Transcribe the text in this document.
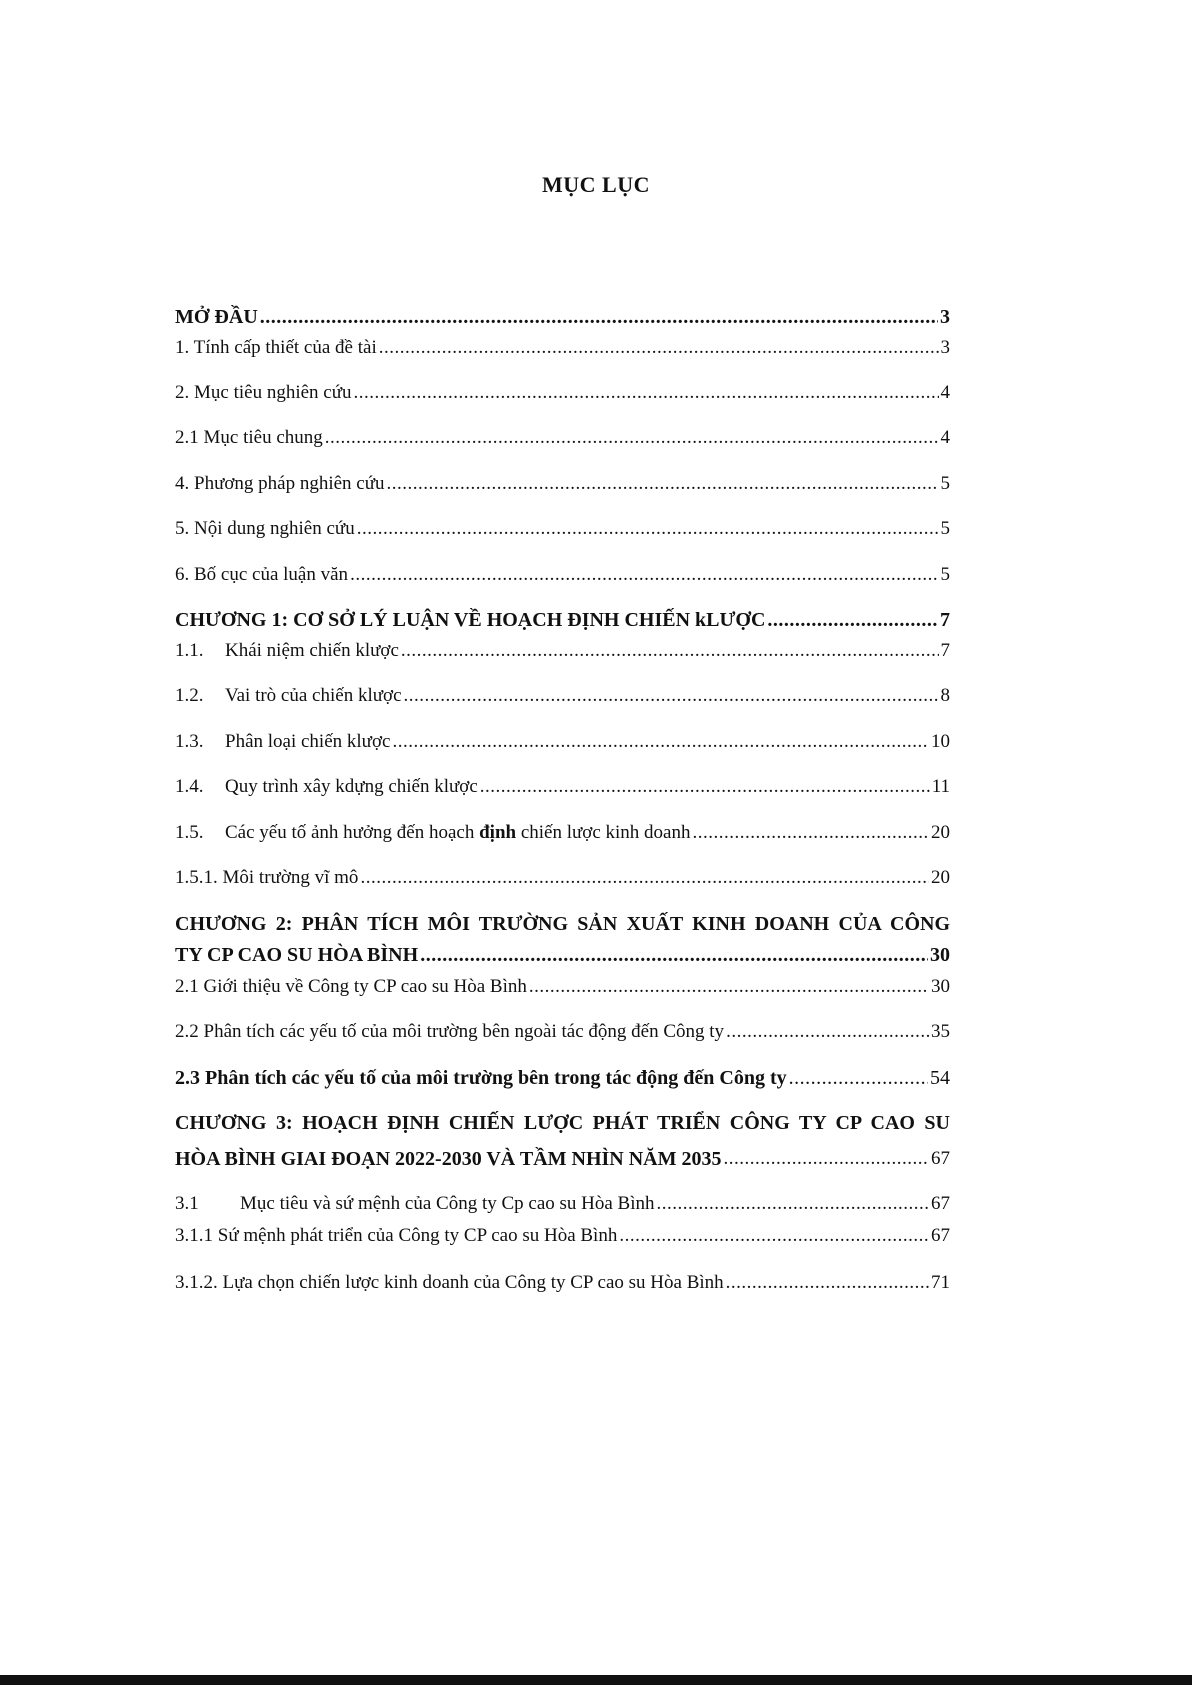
MỤC LỤC
MỞ ĐẦU .....	3
1. Tính cấp thiết của đề tài .....	3
2. Mục tiêu nghiên cứu .....	4
2.1 Mục tiêu chung .....	4
4. Phương pháp nghiên cứu .....	5
5. Nội dung nghiên cứu .....	5
6. Bố cục của luận văn .....	5
CHƯƠNG 1: CƠ SỞ LÝ LUẬN VỀ HOẠCH ĐỊNH CHIẾN kLƯỢC .....	7
1.1. Khái niệm chiến klược .....	7
1.2. Vai trò của chiến klược .....	8
1.3. Phân loại chiến klược .....	10
1.4. Quy trình xây kdựng chiến klược .....	11
1.5. Các yếu tố ảnh hưởng đến hoạch định chiến lược kinh doanh .....	20
1.5.1. Môi trường vĩ mô .....	20
CHƯƠNG 2: PHÂN TÍCH MÔI TRƯỜNG SẢN XUẤT KINH DOANH CỦA CÔNG
TY CP CAO SU HÒA BÌNH .....	30
2.1 Giới thiệu về Công ty CP cao su Hòa Bình .....	30
2.2 Phân tích các yếu tố của môi trường bên ngoài tác động đến Công ty .....	35
2.3 Phân tích các yếu tố của môi trường bên trong tác động đến Công ty .....	54
CHƯƠNG 3: HOẠCH ĐỊNH CHIẾN LƯỢC PHÁT TRIỂN CÔNG TY CP CAO SU
HÒA BÌNH GIAI ĐOẠN 2022-2030 VÀ TẦM NHÌN NĂM 2035 .....	67
3.1 Mục tiêu và sứ mệnh của Công ty Cp cao su Hòa Bình .....	67
3.1.1 Sứ mệnh phát triển của Công ty CP cao su Hòa Bình .....	67
3.1.2. Lựa chọn chiến lược kinh doanh của Công ty CP cao su Hòa Bình .....	71
